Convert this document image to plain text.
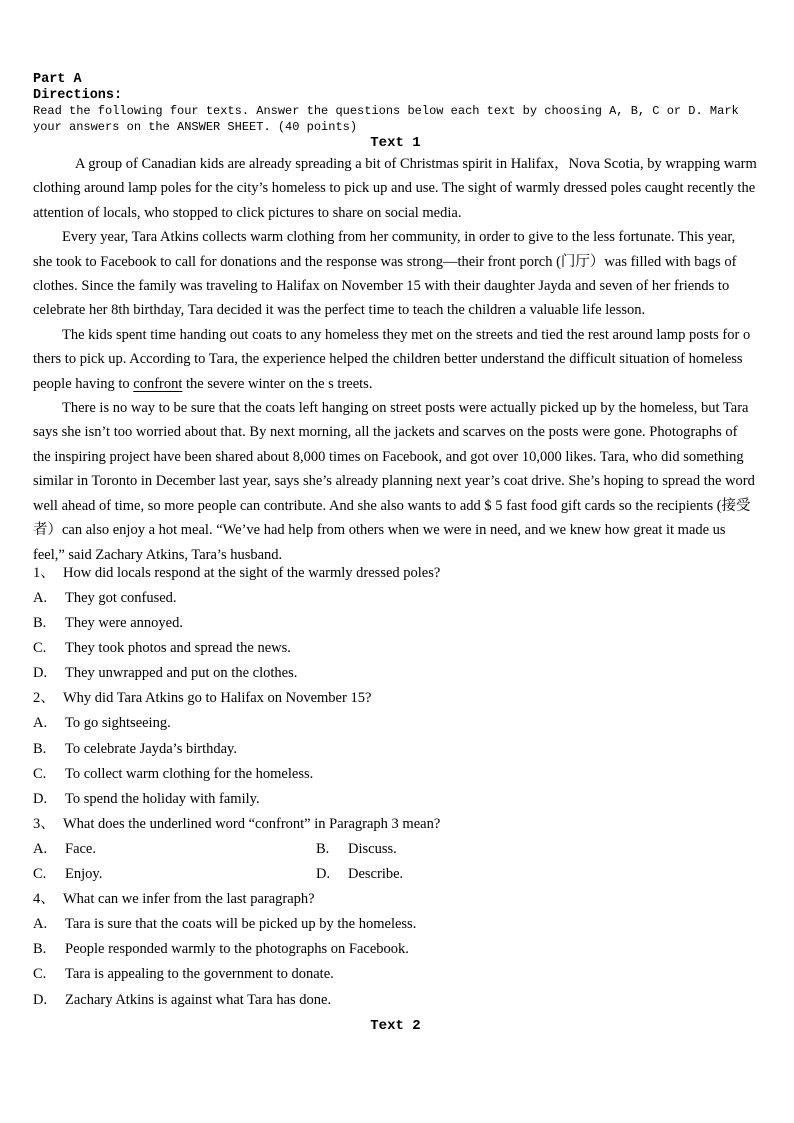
Part A
Directions:
Read the following four texts. Answer the questions below each text by choosing A, B, C or D. Mark
your answers on the ANSWER SHEET. (40 points)
Text 1

A group of Canadian kids are already spreading a bit of Christmas spirit in Halifax，Nova Scotia, by wrapping warm clothing around lamp poles for the city’s homeless to pick up and use. The sight of warmly dressed poles caught recently the attention of locals, who stopped to click pictures to share on social media.

Every year, Tara Atkins collects warm clothing from her community, in order to give to the less fortunate. This year, she took to Facebook to call for donations and the response was strong—their front porch (门厅）was filled with bags of clothes. Since the family was traveling to Halifax on November 15 with their daughter Jayda and seven of her friends to celebrate her 8th birthday, Tara decided it was the perfect time to teach the children a valuable life lesson.

The kids spent time handing out coats to any homeless they met on the streets and tied the rest around lamp posts for o thers to pick up. According to Tara, the experience helped the children better understand the difficult situation of homeless people having to confront the severe winter on the s treets.

There is no way to be sure that the coats left hanging on street posts were actually picked up by the homeless, but Tara says she isn’t too worried about that. By next morning, all the jackets and scarves on the posts were gone. Photographs of the inspiring project have been shared about 8,000 times on Facebook, and got over 10,000 likes. Tara, who did something similar in Toronto in December last year, says she’s already planning next year’s coat drive. She’s hoping to spread the word well ahead of time, so more people can contribute. And she also wants to add $ 5 fast food gift cards so the recipients (接受者）can also enjoy a hot meal. “We’ve had help from others when we were in need, and we knew how great it made us feel,” said Zachary Atkins, Tara’s husband.

1、 How did locals respond at the sight of the warmly dressed poles?
A.	They got confused.
B.	They were annoyed.
C.	They took photos and spread the news.
D.	They unwrapped and put on the clothes.
2、 Why did Tara Atkins go to Halifax on November 15?
A.	To go sightseeing.
B.	To celebrate Jayda’s birthday.
C.	To collect warm clothing for the homeless.
D.	To spend the holiday with family.
3、 What does the underlined word “confront” in Paragraph 3 mean?
A.	Face.	B.	Discuss.
C.	Enjoy.	D.	Describe.
4、 What can we infer from the last paragraph?
A.	Tara is sure that the coats will be picked up by the homeless.
B.	People responded warmly to the photographs on Facebook.
C.	Tara is appealing to the government to donate.
D.	Zachary Atkins is against what Tara has done.
Text 2
